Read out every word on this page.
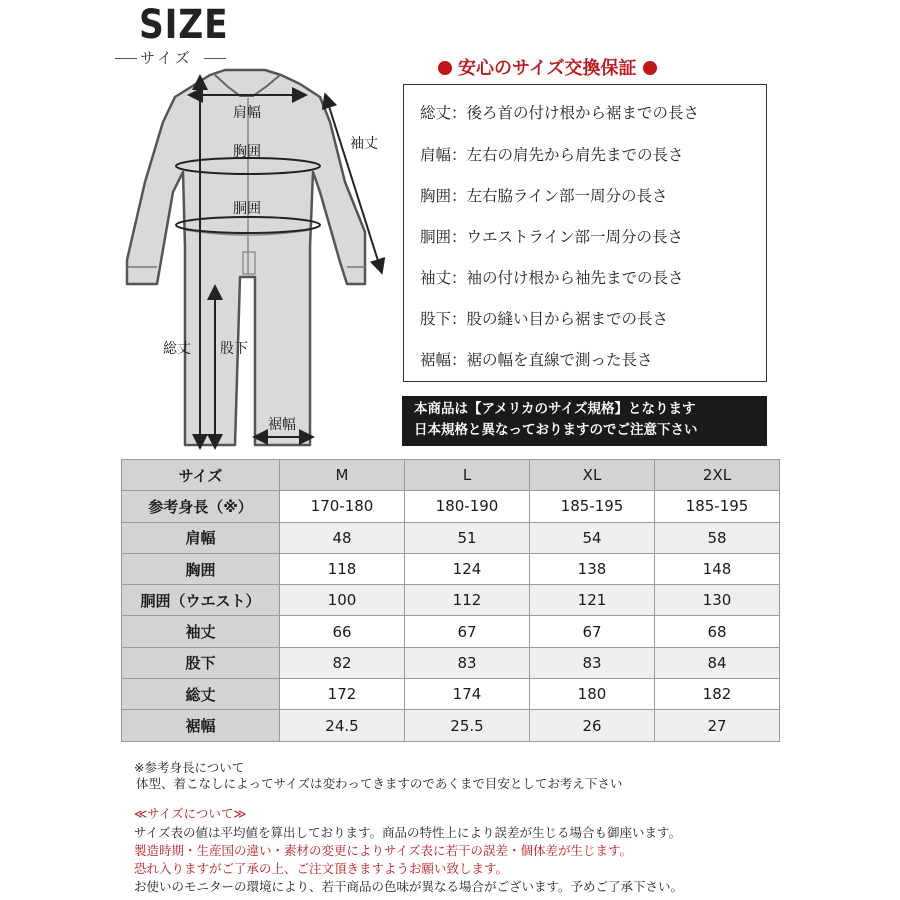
SIZE
サイズ
肩幅
胸囲
胴囲
袖丈
総丈 股下
裾幅
安心のサイズ交換保証
総丈：後ろ首の付け根から裾までの長さ
肩幅：左右の肩先から肩先までの長さ
胸囲：左右脇ライン部一周分の長さ
胴囲：ウエストライン部一周分の長さ
袖丈：袖の付け根から袖先までの長さ
股下：股の縫い目から裾までの長さ
裾幅：裾の幅を直線で測った長さ
本商品は【アメリカのサイズ規格】となります
日本規格と異なっておりますのでご注意下さい
サイズ	M	L	XL	2XL
参考身長（※）	170-180	180-190	185-195	185-195
肩幅	48	51	54	58
胸囲	118	124	138	148
胴囲（ウエスト）	100	112	121	130
袖丈	66	67	67	68
股下	82	83	83	84
総丈	172	174	180	182
裾幅	24.5	25.5	26	27
※参考身長について
体型、着こなしによってサイズは変わってきますのであくまで目安としてお考え下さい
≪サイズについて≫
サイズ表の値は平均値を算出しております。商品の特性上により誤差が生じる場合も御座います。
製造時期・生産国の違い・素材の変更によりサイズ表に若干の誤差・個体差が生じます。
恐れ入りますがご了承の上、ご注文頂きますようお願い致します。
お使いのモニターの環境により、若干商品の色味が異なる場合がございます。予めご了承下さい。
